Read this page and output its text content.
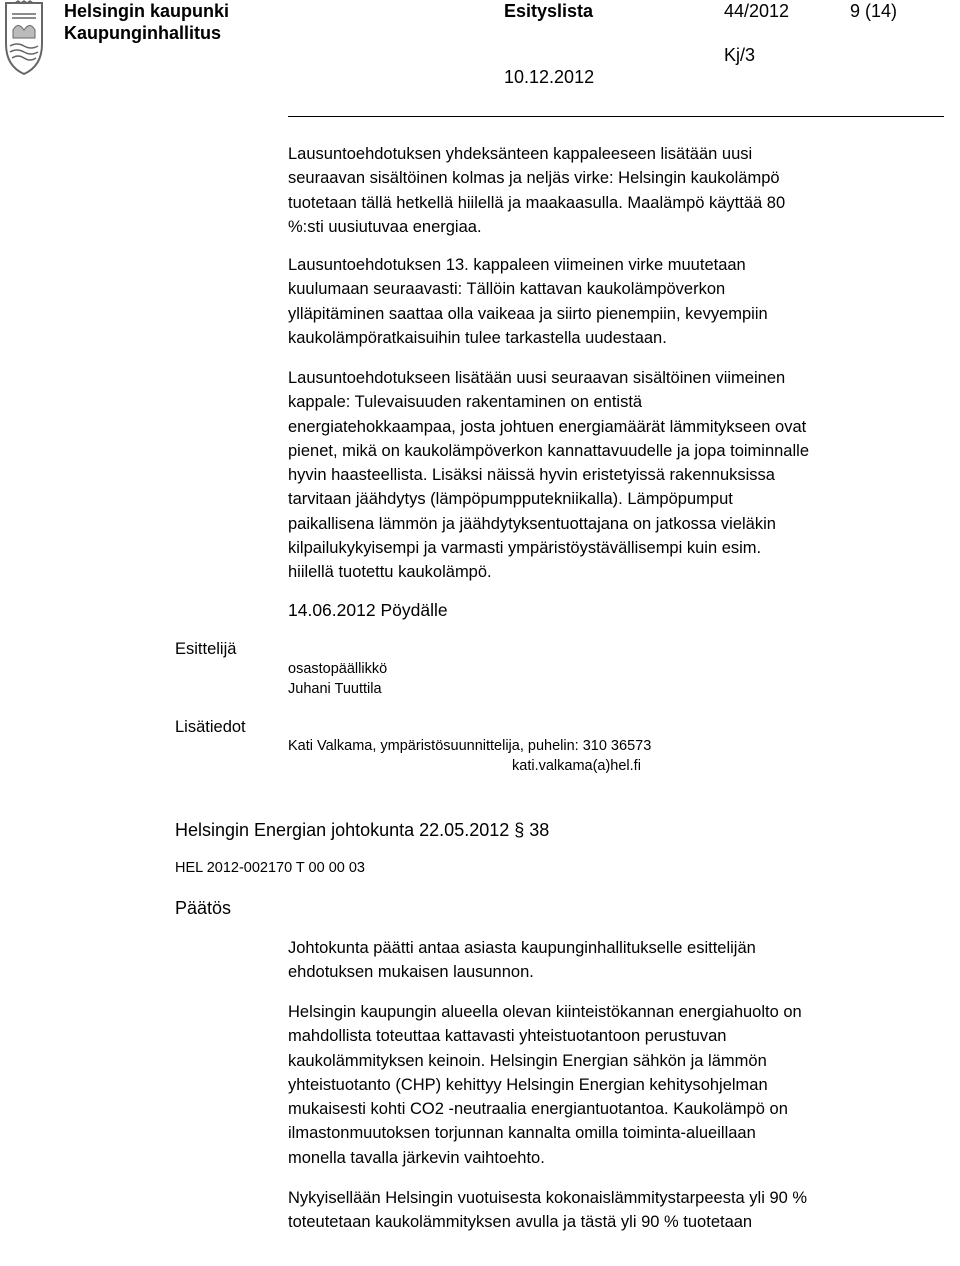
Helsingin kaupunki
Kaupunginhallitus
Esityslista
10.12.2012
44/2012
Kj/3
9 (14)
Lausuntoehdotuksen yhdeksänteen kappaleeseen lisätään uusi
seuraavan sisältöinen kolmas ja neljäs virke: Helsingin kaukolämpö
tuotetaan tällä hetkellä hiilellä ja maakaasulla. Maalämpö käyttää 80
%:sti uusiutuvaa energiaa.
Lausuntoehdotuksen 13. kappaleen viimeinen virke muutetaan
kuulumaan seuraavasti: Tällöin kattavan kaukolämpöverkon
ylläpitäminen saattaa olla vaikeaa ja siirto pienempiin, kevyempiin
kaukolämpöratkaisuihin tulee tarkastella uudestaan.
Lausuntoehdotukseen lisätään uusi seuraavan sisältöinen viimeinen
kappale: Tulevaisuuden rakentaminen on entistä
energiatehokkaampaa, josta johtuen energiamäärät lämmitykseen ovat
pienet, mikä on kaukolämpöverkon kannattavuudelle ja jopa toiminnalle
hyvin haasteellista. Lisäksi näissä hyvin eristetyissä rakennuksissa
tarvitaan jäähdytys (lämpöpumpputekniikalla). Lämpöpumput
paikallisena lämmön ja jäähdytyksentuottajana on jatkossa vieläkin
kilpailukykyisempi ja varmasti ympäristöystävällisempi kuin esim.
hiilellä tuotettu kaukolämpö.
14.06.2012 Pöydälle
Esittelijä
osastopäällikkö
Juhani Tuuttila
Lisätiedot
Kati Valkama, ympäristösuunnittelija, puhelin: 310 36573
kati.valkama(a)hel.fi
Helsingin Energian johtokunta 22.05.2012 § 38
HEL 2012-002170 T 00 00 03
Päätös
Johtokunta päätti antaa asiasta kaupunginhallitukselle esittelijän
ehdotuksen mukaisen lausunnon.
Helsingin kaupungin alueella olevan kiinteistökannan energiahuolto on
mahdollista toteuttaa kattavasti yhteistuotantoon perustuvan
kaukolämmityksen keinoin. Helsingin Energian sähkön ja lämmön
yhteistuotanto (CHP) kehittyy Helsingin Energian kehitysohjelman
mukaisesti kohti CO2 -neutraalia energiantuotantoa. Kaukolämpö on
ilmastonmuutoksen torjunnan kannalta omilla toiminta-alueillaan
monella tavalla järkevin vaihtoehto.
Nykyisellään Helsingin vuotuisesta kokonaislämmitystarpeesta yli 90 %
toteutetaan kaukolämmityksen avulla ja tästä yli 90 % tuotetaan
